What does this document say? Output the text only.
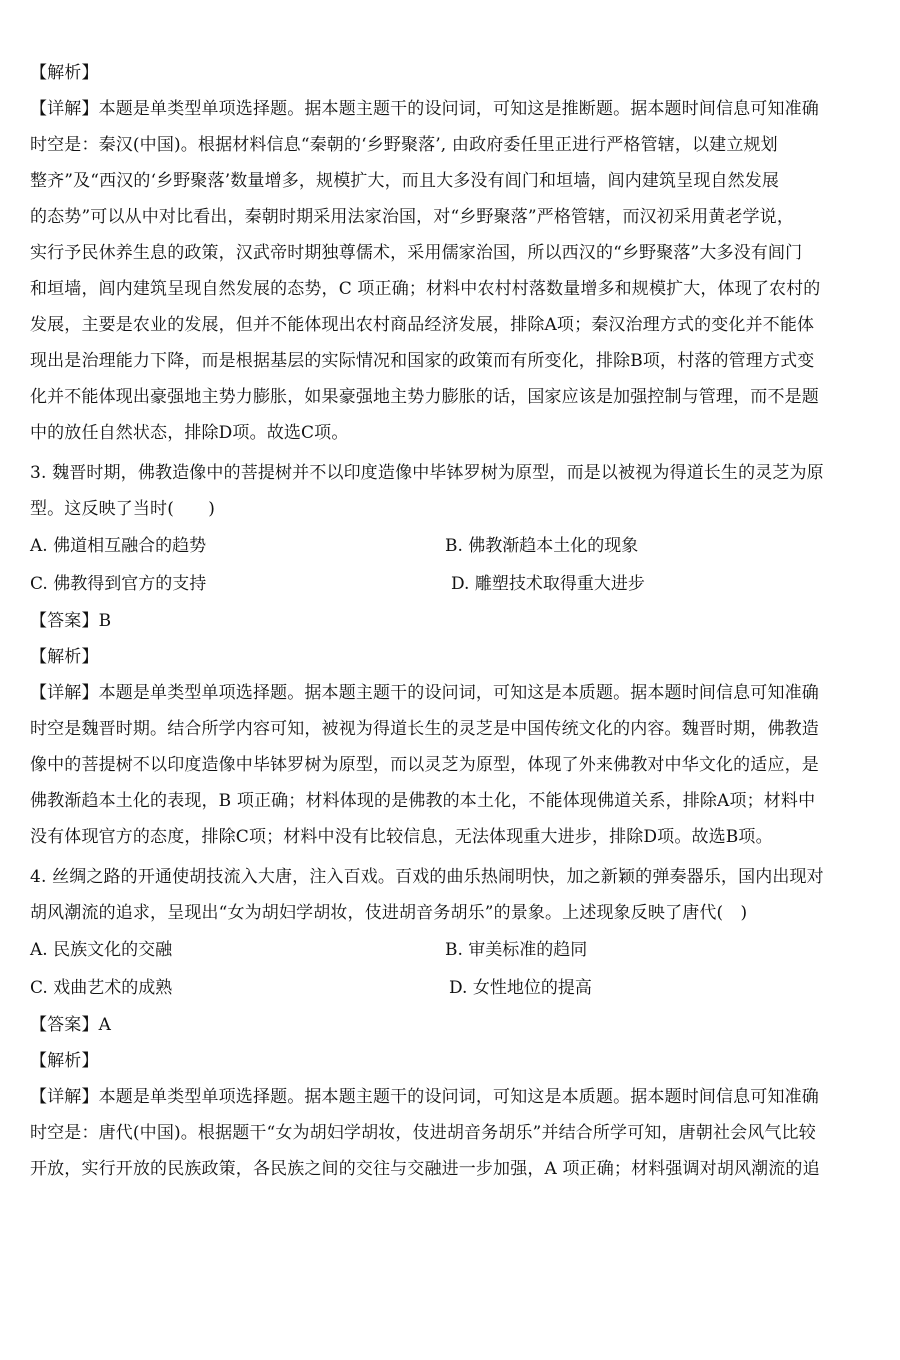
【解析】
【详解】本题是单类型单项选择题。据本题主题干的设问词，可知这是推断题。据本题时间信息可知准确
时空是：秦汉(中国)。根据材料信息“秦朝的‘乡野聚落’, 由政府委任里正进行严格管辖，以建立规划
整齐”及“西汉的‘乡野聚落’数量增多，规模扩大，而且大多没有闾门和垣墙，闾内建筑呈现自然发展
的态势”可以从中对比看出，秦朝时期采用法家治国，对“乡野聚落”严格管辖，而汉初采用黄老学说，
实行予民休养生息的政策，汉武帝时期独尊儒术，采用儒家治国，所以西汉的“乡野聚落”大多没有闾门
和垣墙，闾内建筑呈现自然发展的态势，C 项正确；材料中农村村落数量增多和规模扩大，体现了农村的
发展，主要是农业的发展，但并不能体现出农村商品经济发展，排除A项；秦汉治理方式的变化并不能体
现出是治理能力下降，而是根据基层的实际情况和国家的政策而有所变化，排除B项，村落的管理方式变
化并不能体现出豪强地主势力膨胀，如果豪强地主势力膨胀的话，国家应该是加强控制与管理，而不是题
中的放任自然状态，排除D项。故选C项。
3. 魏晋时期，佛教造像中的菩提树并不以印度造像中毕钵罗树为原型，而是以被视为得道长生的灵芝为原
型。这反映了当时(　　)
A. 佛道相互融合的趋势	B. 佛教渐趋本土化的现象
C. 佛教得到官方的支持	D. 雕塑技术取得重大进步
【答案】B
【解析】
【详解】本题是单类型单项选择题。据本题主题干的设问词，可知这是本质题。据本题时间信息可知准确
时空是魏晋时期。结合所学内容可知，被视为得道长生的灵芝是中国传统文化的内容。魏晋时期，佛教造
像中的菩提树不以印度造像中毕钵罗树为原型，而以灵芝为原型，体现了外来佛教对中华文化的适应，是
佛教渐趋本土化的表现，B 项正确；材料体现的是佛教的本土化，不能体现佛道关系，排除A项；材料中
没有体现官方的态度，排除C项；材料中没有比较信息，无法体现重大进步，排除D项。故选B项。
4. 丝绸之路的开通使胡技流入大唐，注入百戏。百戏的曲乐热闹明快，加之新颖的弹奏器乐，国内出现对
胡风潮流的追求，呈现出“女为胡妇学胡妆，伎进胡音务胡乐”的景象。上述现象反映了唐代(　)
A. 民族文化的交融	B. 审美标准的趋同
C. 戏曲艺术的成熟	D. 女性地位的提高
【答案】A
【解析】
【详解】本题是单类型单项选择题。据本题主题干的设问词，可知这是本质题。据本题时间信息可知准确
时空是：唐代(中国)。根据题干“女为胡妇学胡妆，伎进胡音务胡乐”并结合所学可知，唐朝社会风气比较
开放，实行开放的民族政策，各民族之间的交往与交融进一步加强，A 项正确；材料强调对胡风潮流的追
